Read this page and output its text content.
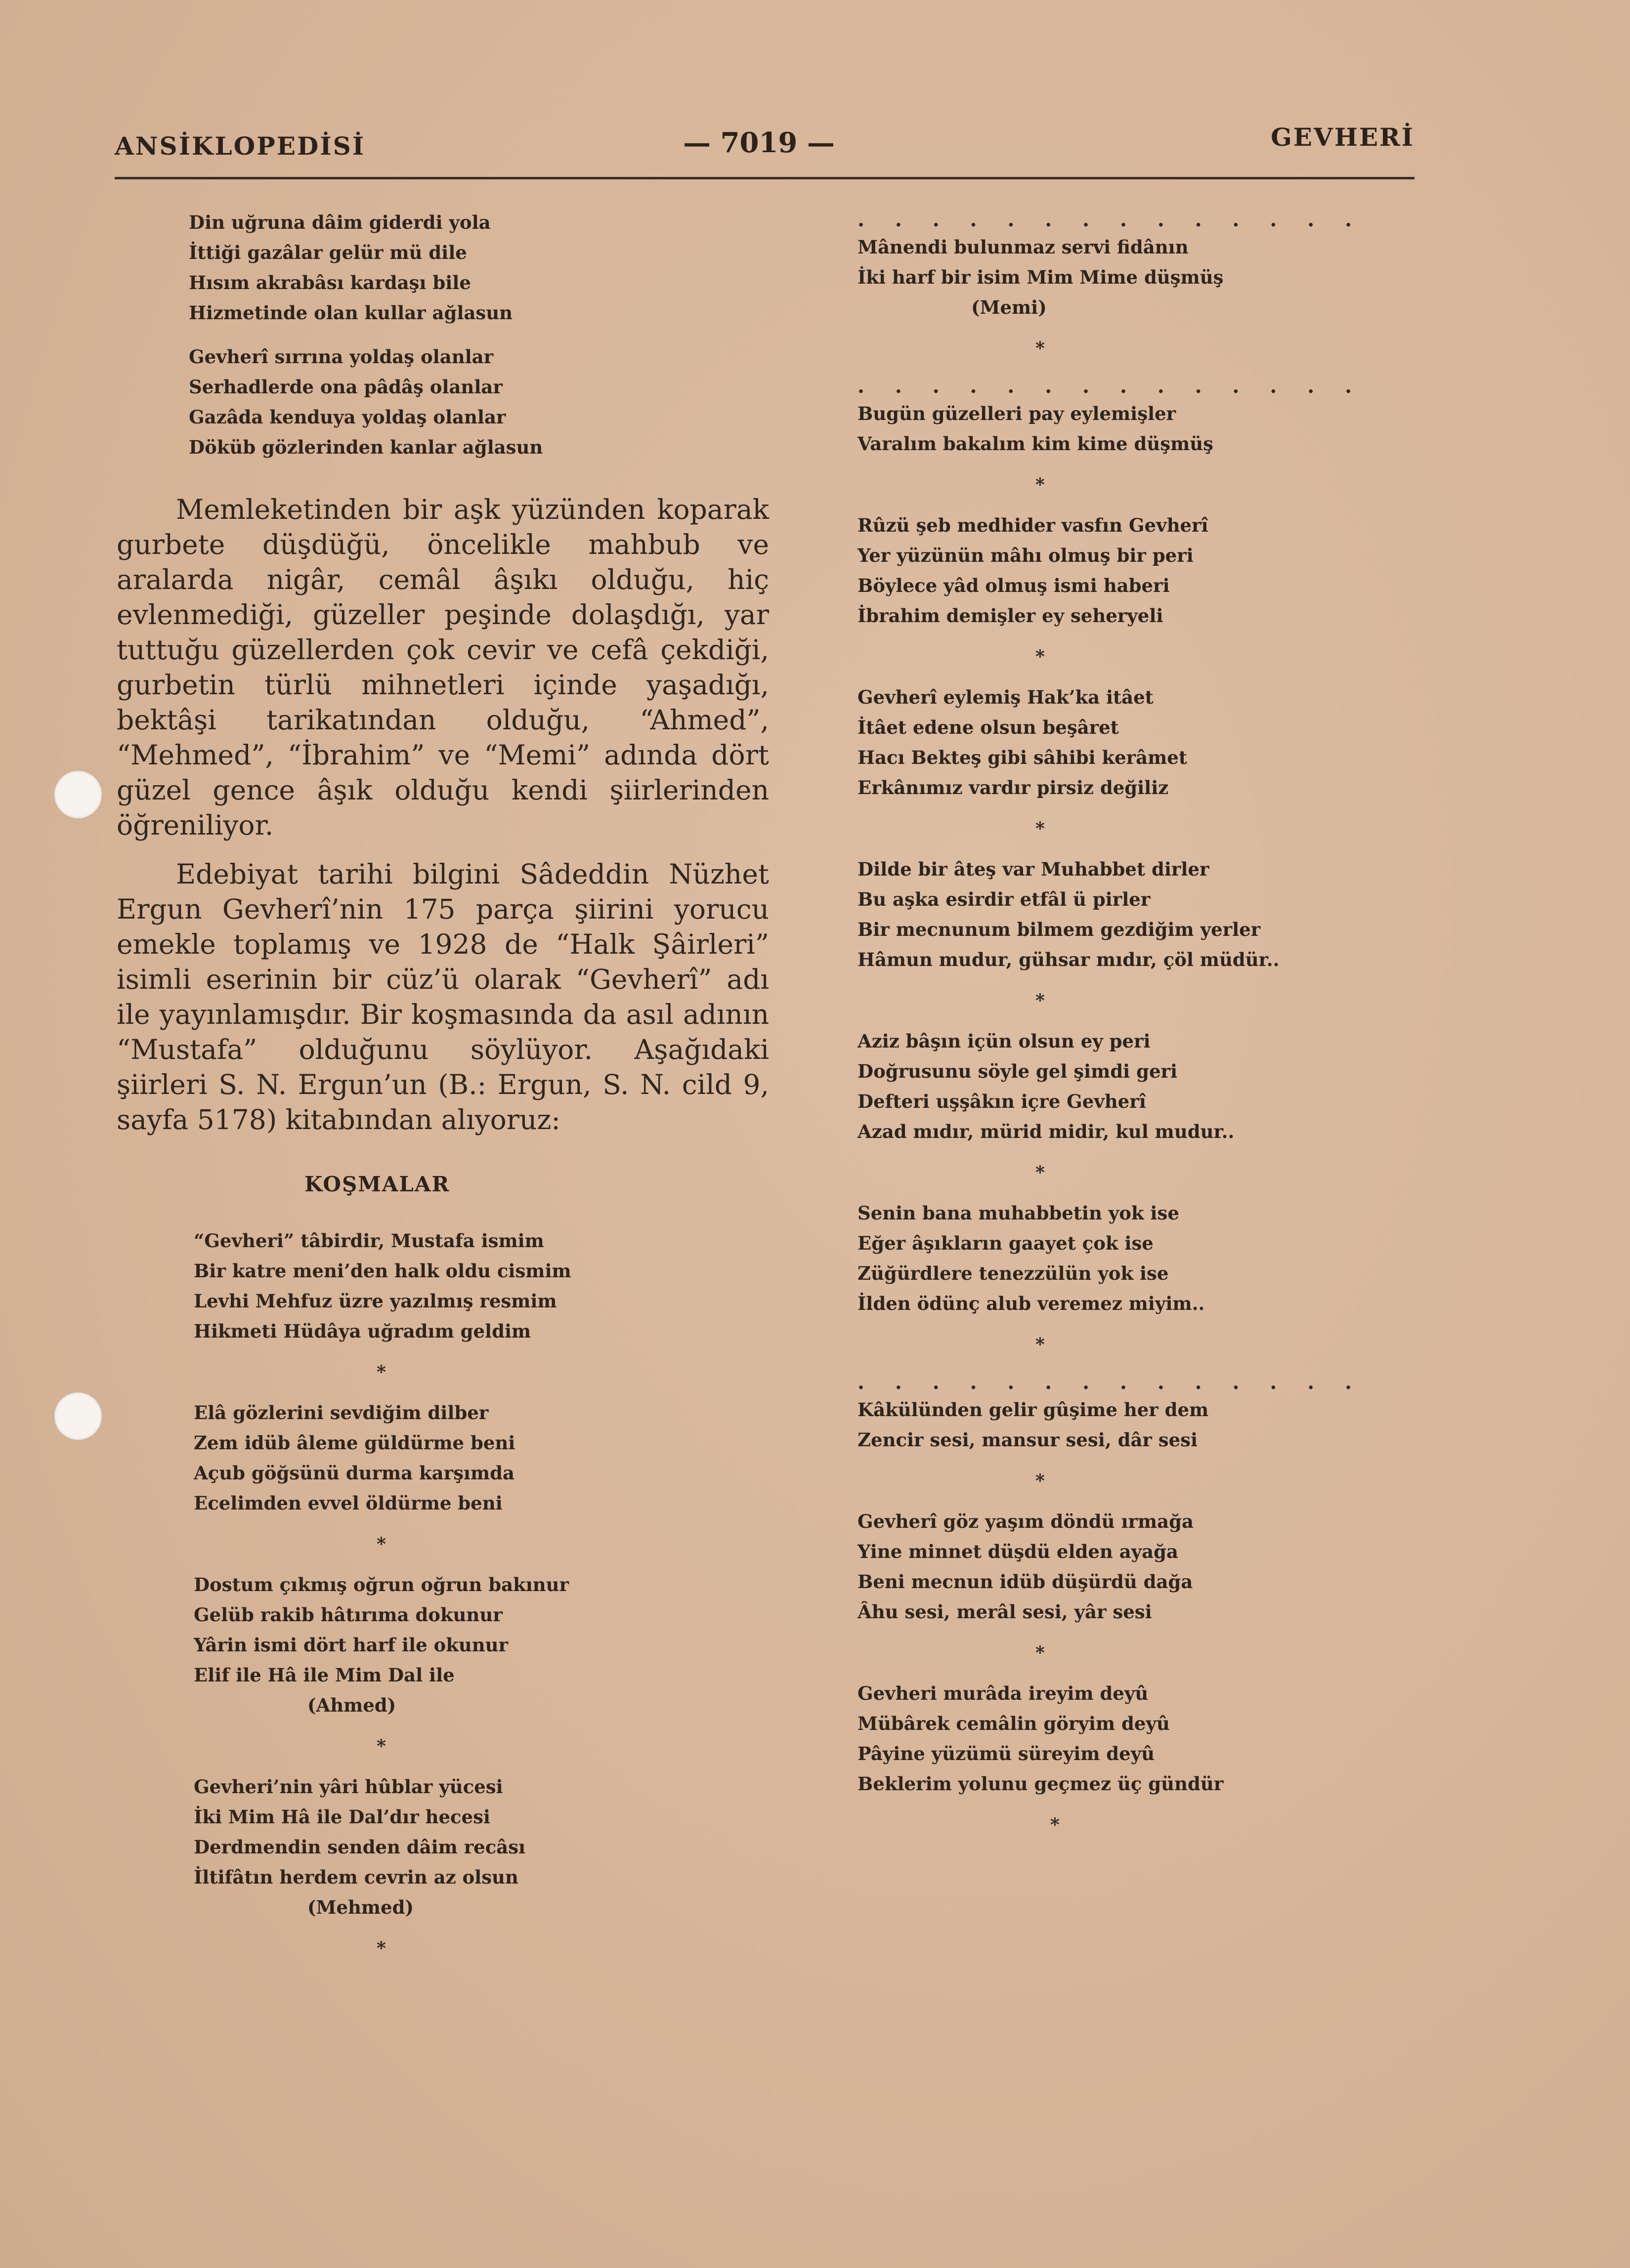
ANSİKLOPEDİSİ	— 7019 —	GEVHERİ
Din uğruna dâim giderdi yola
İttiği gazâlar gelür mü dile
Hısım akrabâsı kardaşı bile
Hizmetinde olan kullar ağlasun
Gevherî sırrına yoldaş olanlar
Serhadlerde ona pâdâş olanlar
Gazâda kenduya yoldaş olanlar
Döküb gözlerinden kanlar ağlasun

Memleketinden bir aşk yüzünden koparak gurbete düşdüğü, öncelikle mahbub ve aralarda nigâr, cemâl âşıkı olduğu, hiç evlenmediği, güzeller peşinde dolaşdığı, yar tuttuğu güzellerden çok cevir ve cefâ çekdiği, gurbetin türlü mihnetleri içinde yaşadığı, bektâşi tarikatından olduğu, “Ahmed”, “Mehmed”, “İbrahim” ve “Memi” adında dört güzel gence âşık olduğu kendi şiirlerinden öğreniliyor.

Edebiyat tarihi bilgini Sâdeddin Nüzhet Ergun Gevherî’nin 175 parça şiirini yorucu emekle toplamış ve 1928 de “Halk Şâirleri” isimli eserinin bir cüz’ü olarak “Gevherî” adı ile yayınlamışdır. Bir koşmasında da asıl adının “Mustafa” olduğunu söylüyor. Aşağıdaki şiirleri S. N. Ergun’un (B.: Ergun, S. N. cild 9, sayfa 5178) kitabından alıyoruz:

KOŞMALAR
“Gevheri” tâbirdir, Mustafa ismim
Bir katre meni’den halk oldu cismim
Levhi Mehfuz üzre yazılmış resmim
Hikmeti Hüdâya uğradım geldim
*
Elâ gözlerini sevdiğim dilber
Zem idüb âleme güldürme beni
Açub göğsünü durma karşımda
Ecelimden evvel öldürme beni
*
Dostum çıkmış oğrun oğrun bakınur
Gelüb rakib hâtırıma dokunur
Yârin ismi dört harf ile okunur
Elif ile Hâ ile Mim Dal ile
(Ahmed)
*
Gevheri’nin yâri hûblar yücesi
İki Mim Hâ ile Dal’dır hecesi
Derdmendin senden dâim recâsı
İltifâtın herdem cevrin az olsun
(Mehmed)
*
. . . . . . . . . . . . . .
Mânendi bulunmaz servi fidânın
İki harf bir isim Mim Mime düşmüş
(Memi)
*
. . . . . . . . . . . . . .
Bugün güzelleri pay eylemişler
Varalım bakalım kim kime düşmüş
*
Rûzü şeb medhider vasfın Gevherî
Yer yüzünün mâhı olmuş bir peri
Böylece yâd olmuş ismi haberi
İbrahim demişler ey seheryeli
*
Gevherî eylemiş Hak’ka itâet
İtâet edene olsun beşâret
Hacı Bekteş gibi sâhibi kerâmet
Erkânımız vardır pirsiz değiliz
*
Dilde bir âteş var Muhabbet dirler
Bu aşka esirdir etfâl ü pirler
Bir mecnunum bilmem gezdiğim yerler
Hâmun mudur, gühsar mıdır, çöl müdür..
*
Aziz bâşın içün olsun ey peri
Doğrusunu söyle gel şimdi geri
Defteri uşşâkın içre Gevherî
Azad mıdır, mürid midir, kul mudur..
*
Senin bana muhabbetin yok ise
Eğer âşıkların gaayet çok ise
Züğürdlere tenezzülün yok ise
İlden ödünç alub veremez miyim..
*
. . . . . . . . . . . . . .
Kâkülünden gelir gûşime her dem
Zencir sesi, mansur sesi, dâr sesi
*
Gevherî göz yaşım döndü ırmağa
Yine minnet düşdü elden ayağa
Beni mecnun idüb düşürdü dağa
Âhu sesi, merâl sesi, yâr sesi
*
Gevheri murâda ireyim deyû
Mübârek cemâlin göryim deyû
Pâyine yüzümü süreyim deyû
Beklerim yolunu geçmez üç gündür
*
